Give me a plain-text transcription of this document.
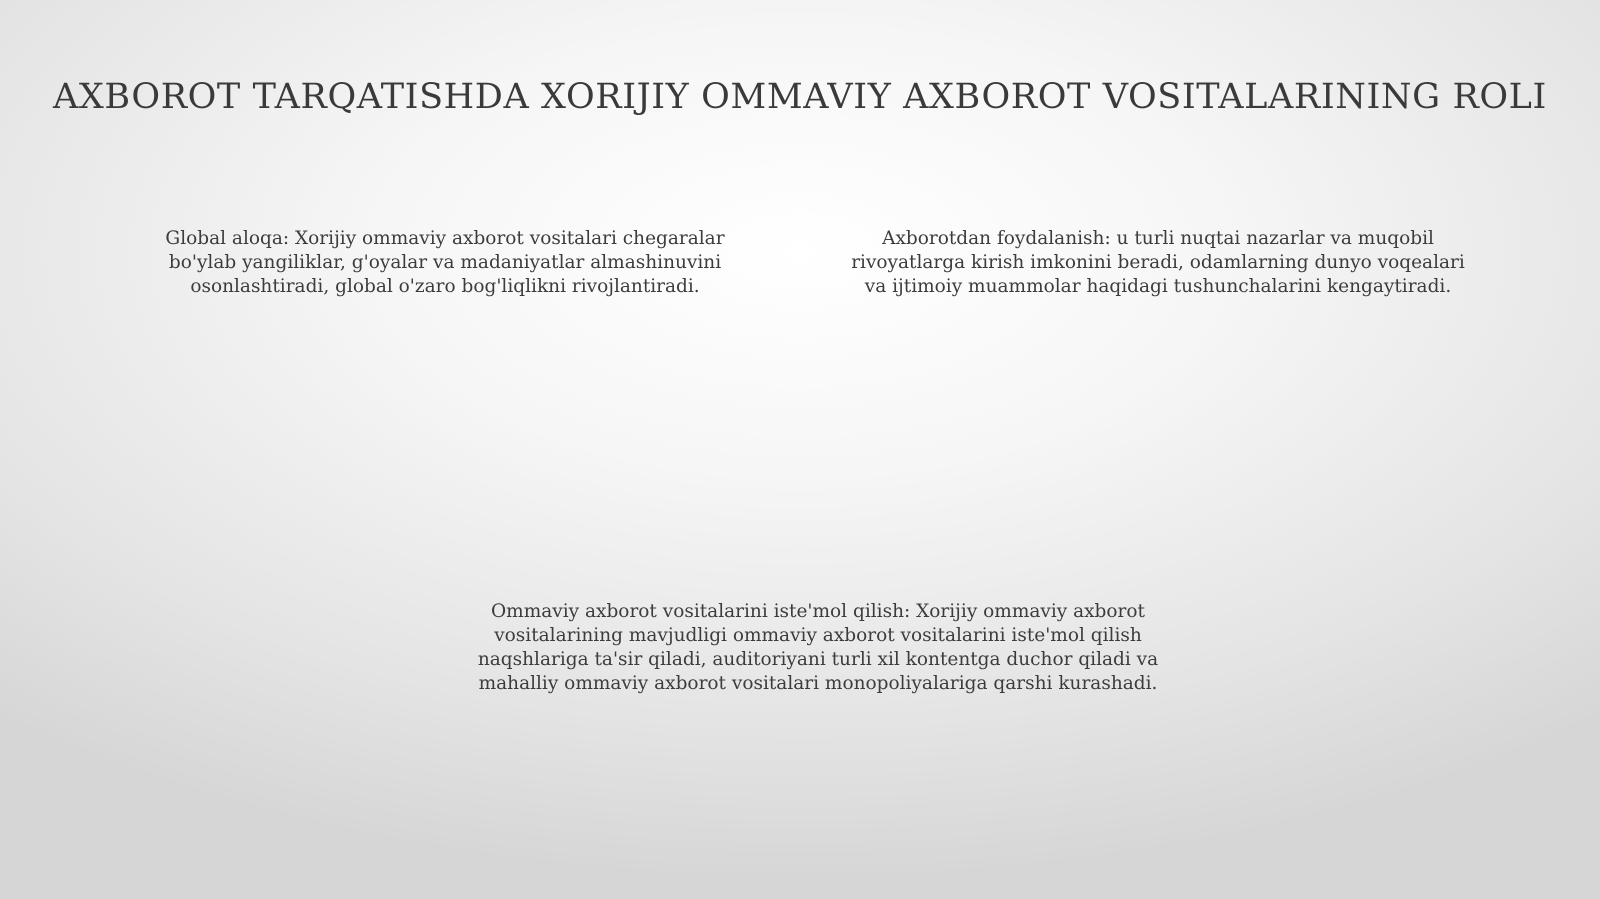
AXBOROT TARQATISHDA XORIJIY OMMAVIY AXBOROT VOSITALARINING ROLI
Global aloqa: Xorijiy ommaviy axborot vositalari chegaralar bo'ylab yangiliklar, g'oyalar va madaniyatlar almashinuvini osonlashtiradi, global o'zaro bog'liqlikni rivojlantiradi.
Axborotdan foydalanish: u turli nuqtai nazarlar va muqobil rivoyatlarga kirish imkonini beradi, odamlarning dunyo voqealari va ijtimoiy muammolar haqidagi tushunchalarini kengaytiradi.
Ommaviy axborot vositalarini iste'mol qilish: Xorijiy ommaviy axborot vositalarining mavjudligi ommaviy axborot vositalarini iste'mol qilish naqshlariga ta'sir qiladi, auditoriyani turli xil kontentga duchor qiladi va mahalliy ommaviy axborot vositalari monopoliyalariga qarshi kurashadi.
